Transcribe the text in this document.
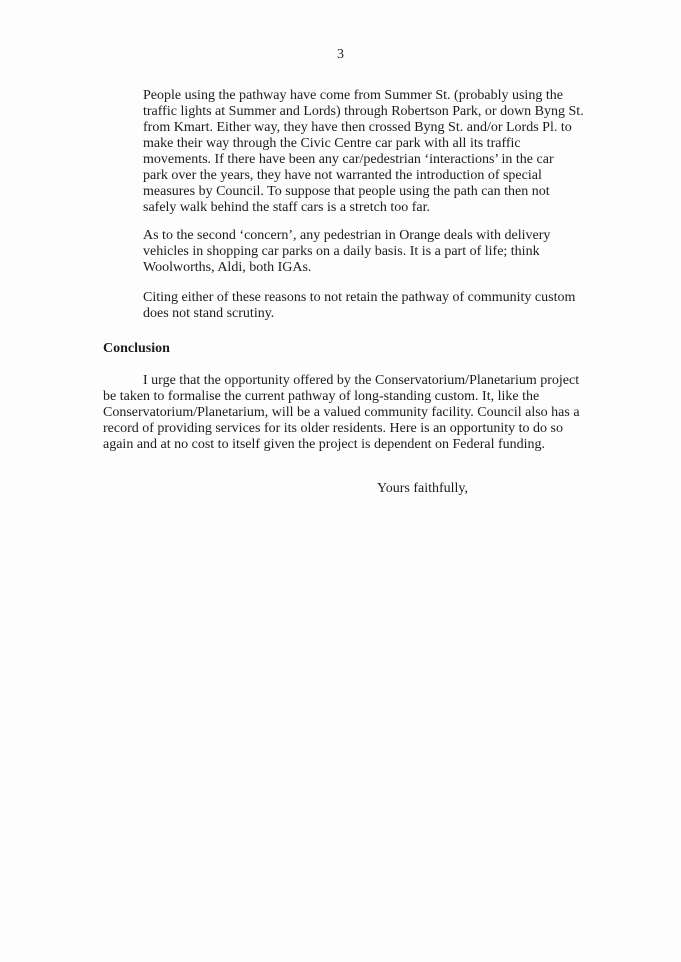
3
People using the pathway have come from Summer St. (probably using the
traffic lights at Summer and Lords) through Robertson Park, or down Byng St.
from Kmart. Either way, they have then crossed Byng St. and/or Lords Pl. to
make their way through the Civic Centre car park with all its traffic
movements. If there have been any car/pedestrian ‘interactions’ in the car
park over the years, they have not warranted the introduction of special
measures by Council. To suppose that people using the path can then not
safely walk behind the staff cars is a stretch too far.
As to the second ‘concern’, any pedestrian in Orange deals with delivery
vehicles in shopping car parks on a daily basis. It is a part of life; think
Woolworths, Aldi, both IGAs.
Citing either of these reasons to not retain the pathway of community custom
does not stand scrutiny.
Conclusion
I urge that the opportunity offered by the Conservatorium/Planetarium project
be taken to formalise the current pathway of long-standing custom. It, like the
Conservatorium/Planetarium, will be a valued community facility. Council also has a
record of providing services for its older residents. Here is an opportunity to do so
again and at no cost to itself given the project is dependent on Federal funding.
Yours faithfully,
